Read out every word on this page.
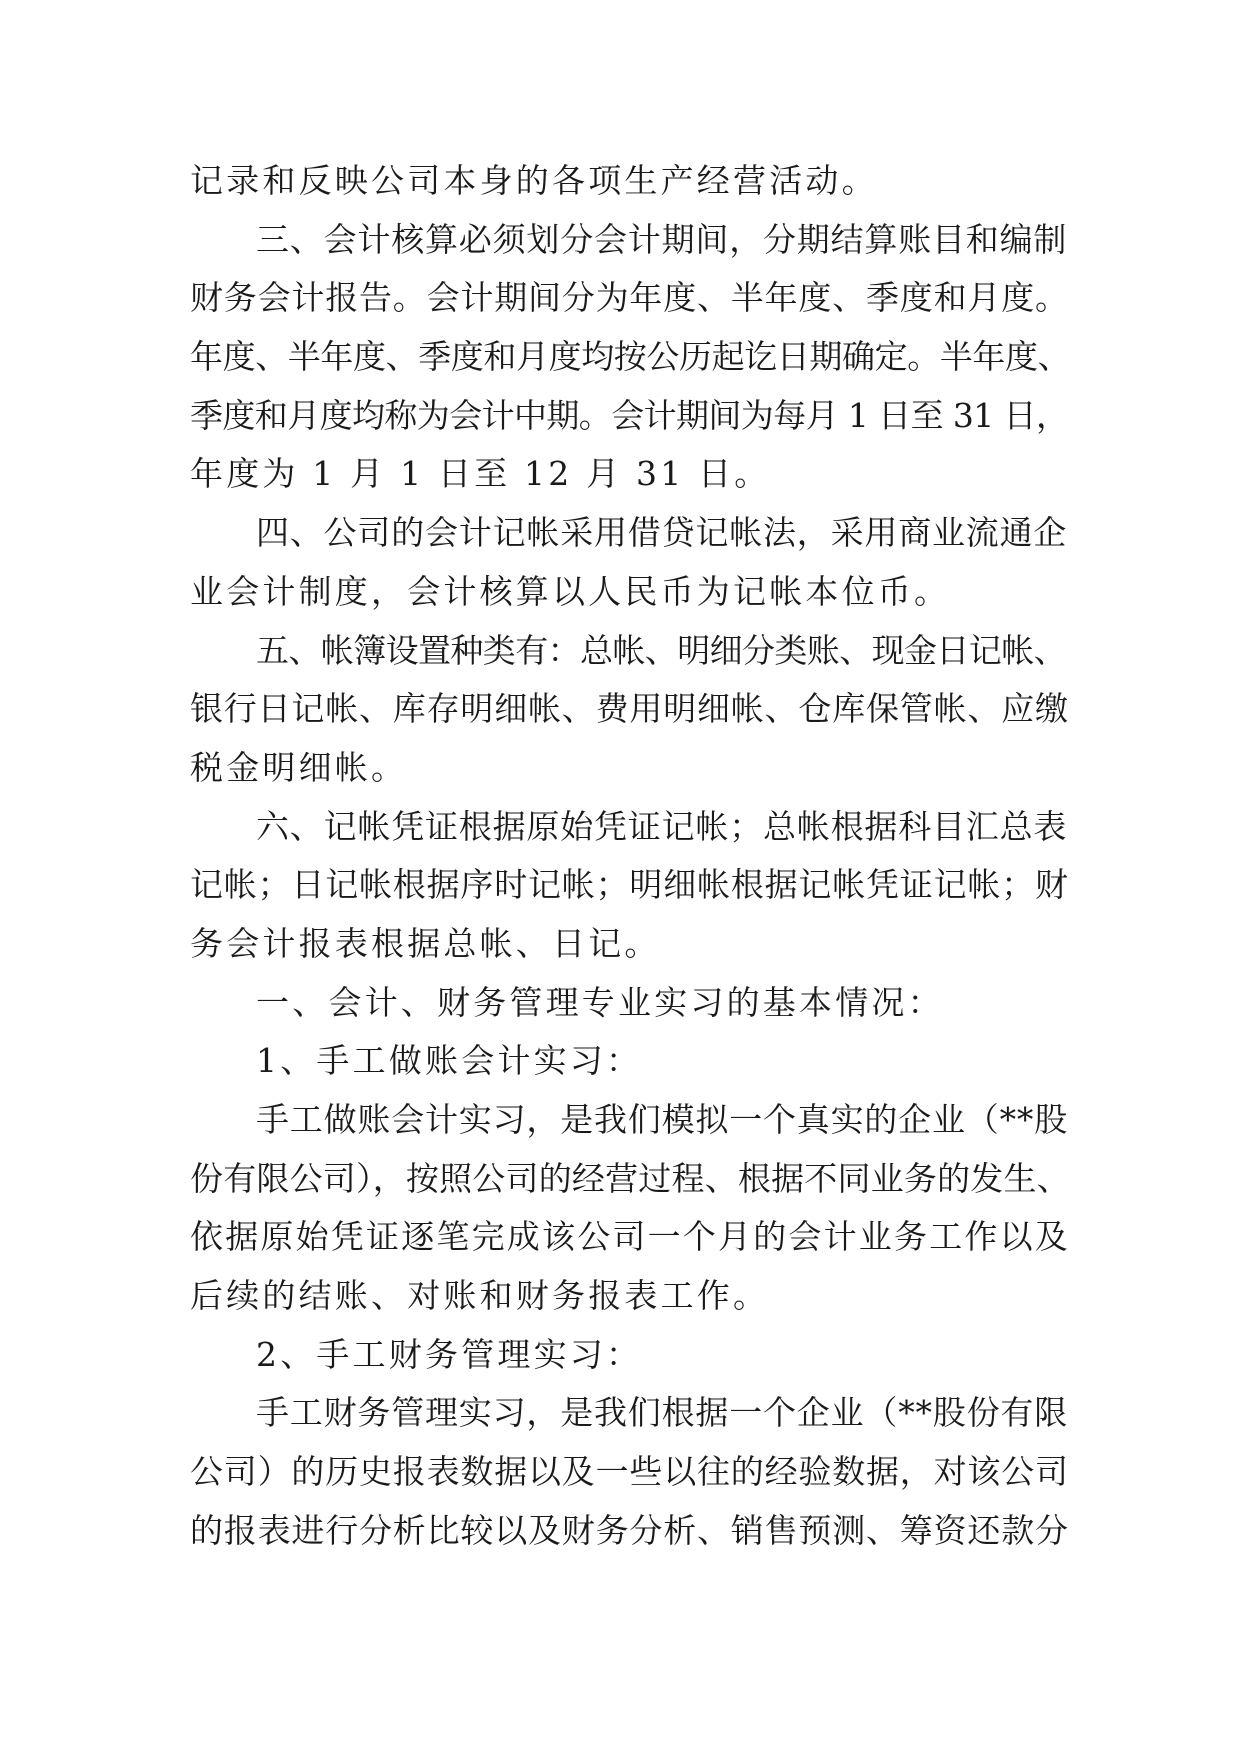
记录和反映公司本身的各项生产经营活动。
三、会计核算必须划分会计期间，分期结算账目和编制
财务会计报告。会计期间分为年度、半年度、季度和月度。
年度、半年度、季度和月度均按公历起讫日期确定。半年度、
季度和月度均称为会计中期。会计期间为每月 1 日至 31 日，
年度为 1 月 1 日至 12 月 31 日。
四、公司的会计记帐采用借贷记帐法，采用商业流通企
业会计制度，会计核算以人民币为记帐本位币。
五、帐簿设置种类有：总帐、明细分类账、现金日记帐、
银行日记帐、库存明细帐、费用明细帐、仓库保管帐、应缴
税金明细帐。
六、记帐凭证根据原始凭证记帐；总帐根据科目汇总表
记帐；日记帐根据序时记帐；明细帐根据记帐凭证记帐；财
务会计报表根据总帐、日记。
一、会计、财务管理专业实习的基本情况：
1、手工做账会计实习：
手工做账会计实习，是我们模拟一个真实的企业（**股
份有限公司），按照公司的经营过程、根据不同业务的发生、
依据原始凭证逐笔完成该公司一个月的会计业务工作以及
后续的结账、对账和财务报表工作。
2、手工财务管理实习：
手工财务管理实习，是我们根据一个企业（**股份有限
公司）的历史报表数据以及一些以往的经验数据，对该公司
的报表进行分析比较以及财务分析、销售预测、筹资还款分
